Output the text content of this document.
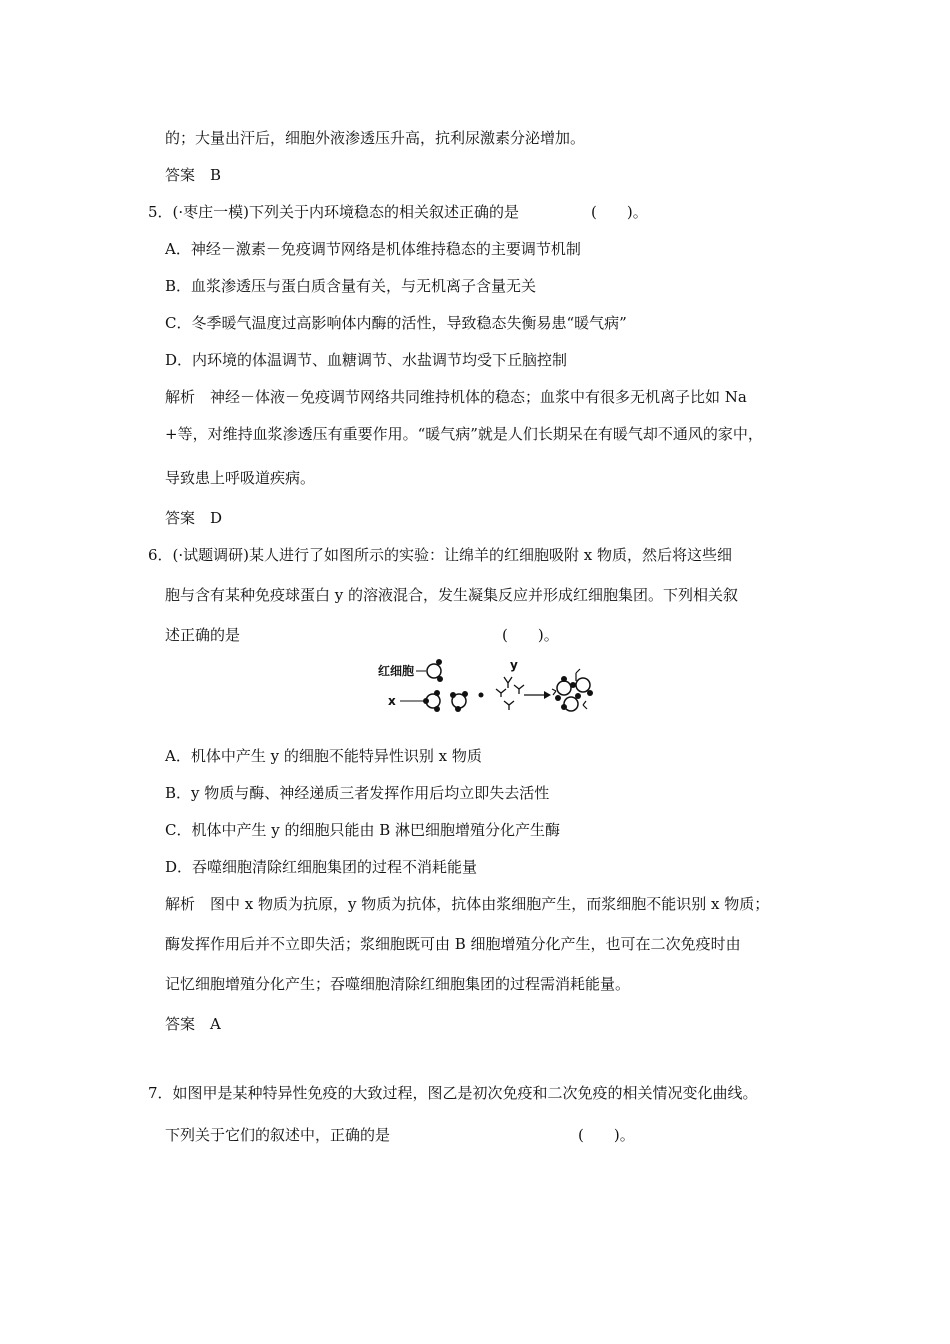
的；大量出汗后，细胞外液渗透压升高，抗利尿激素分泌增加。
答案　B
5．(·枣庄一模)下列关于内环境稳态的相关叙述正确的是	(　　)。
A．神经－激素－免疫调节网络是机体维持稳态的主要调节机制
B．血浆渗透压与蛋白质含量有关，与无机离子含量无关
C．冬季暖气温度过高影响体内酶的活性，导致稳态失衡易患“暖气病”
D．内环境的体温调节、血糖调节、水盐调节均受下丘脑控制
解析　神经－体液－免疫调节网络共同维持机体的稳态；血浆中有很多无机离子比如 Na
+等，对维持血浆渗透压有重要作用。“暖气病”就是人们长期呆在有暖气却不通风的家中，
导致患上呼吸道疾病。
答案　D
6．(·试题调研)某人进行了如图所示的实验：让绵羊的红细胞吸附 x 物质，然后将这些细
胞与含有某种免疫球蛋白 y 的溶液混合，发生凝集反应并形成红细胞集团。下列相关叙
述正确的是	(　　)。
红细胞
x
y
A．机体中产生 y 的细胞不能特异性识别 x 物质
B．y 物质与酶、神经递质三者发挥作用后均立即失去活性
C．机体中产生 y 的细胞只能由 B 淋巴细胞增殖分化产生酶
D．吞噬细胞清除红细胞集团的过程不消耗能量
解析　图中 x 物质为抗原，y 物质为抗体，抗体由浆细胞产生，而浆细胞不能识别 x 物质；
酶发挥作用后并不立即失活；浆细胞既可由 B 细胞增殖分化产生，也可在二次免疫时由
记忆细胞增殖分化产生；吞噬细胞清除红细胞集团的过程需消耗能量。
答案　A
7．如图甲是某种特异性免疫的大致过程，图乙是初次免疫和二次免疫的相关情况变化曲线。
下列关于它们的叙述中，正确的是	(　　)。
